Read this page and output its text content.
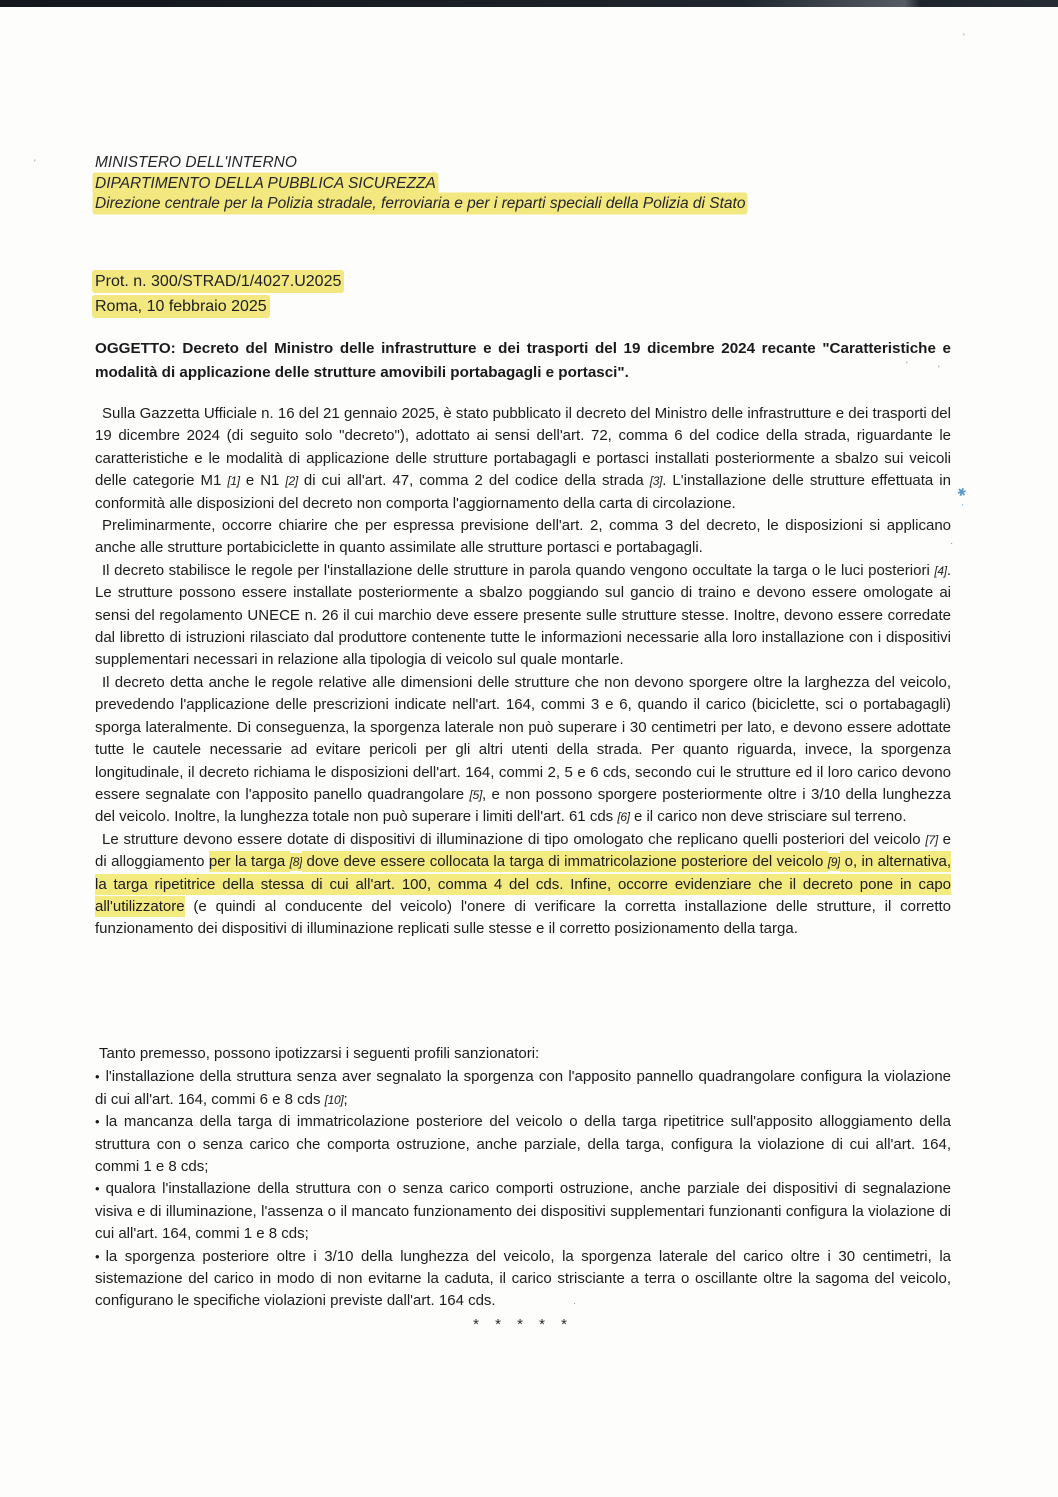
MINISTERO DELL'INTERNO
DIPARTIMENTO DELLA PUBBLICA SICUREZZA
Direzione centrale per la Polizia stradale, ferroviaria e per i reparti speciali della Polizia di Stato
Prot. n. 300/STRAD/1/4027.U2025
Roma, 10 febbraio 2025
OGGETTO: Decreto del Ministro delle infrastrutture e dei trasporti del 19 dicembre 2024 recante "Caratteristiche e modalità di applicazione delle strutture amovibili portabagagli e portasci".

Sulla Gazzetta Ufficiale n. 16 del 21 gennaio 2025, è stato pubblicato il decreto del Ministro delle infrastrutture e dei trasporti del 19 dicembre 2024 (di seguito solo "decreto"), adottato ai sensi dell'art. 72, comma 6 del codice della strada, riguardante le caratteristiche e le modalità di applicazione delle strutture portabagagli e portasci installati posteriormente a sbalzo sui veicoli delle categorie M1 [1] e N1 [2] di cui all'art. 47, comma 2 del codice della strada [3]. L'installazione delle strutture effettuata in conformità alle disposizioni del decreto non comporta l'aggiornamento della carta di circolazione.

Preliminarmente, occorre chiarire che per espressa previsione dell'art. 2, comma 3 del decreto, le disposizioni si applicano anche alle strutture portabiciclette in quanto assimilate alle strutture portasci e portabagagli.

Il decreto stabilisce le regole per l'installazione delle strutture in parola quando vengono occultate la targa o le luci posteriori [4]. Le strutture possono essere installate posteriormente a sbalzo poggiando sul gancio di traino e devono essere omologate ai sensi del regolamento UNECE n. 26 il cui marchio deve essere presente sulle strutture stesse. Inoltre, devono essere corredate dal libretto di istruzioni rilasciato dal produttore contenente tutte le informazioni necessarie alla loro installazione con i dispositivi supplementari necessari in relazione alla tipologia di veicolo sul quale montarle.

Il decreto detta anche le regole relative alle dimensioni delle strutture che non devono sporgere oltre la larghezza del veicolo, prevedendo l'applicazione delle prescrizioni indicate nell'art. 164, commi 3 e 6, quando il carico (biciclette, sci o portabagagli) sporga lateralmente. Di conseguenza, la sporgenza laterale non può superare i 30 centimetri per lato, e devono essere adottate tutte le cautele necessarie ad evitare pericoli per gli altri utenti della strada. Per quanto riguarda, invece, la sporgenza longitudinale, il decreto richiama le disposizioni dell'art. 164, commi 2, 5 e 6 cds, secondo cui le strutture ed il loro carico devono essere segnalate con l'apposito panello quadrangolare [5], e non possono sporgere posteriormente oltre i 3/10 della lunghezza del veicolo. Inoltre, la lunghezza totale non può superare i limiti dell'art. 61 cds [6] e il carico non deve strisciare sul terreno.

Le strutture devono essere dotate di dispositivi di illuminazione di tipo omologato che replicano quelli posteriori del veicolo [7] e di alloggiamento per la targa [8] dove deve essere collocata la targa di immatricolazione posteriore del veicolo [9] o, in alternativa, la targa ripetitrice della stessa di cui all'art. 100, comma 4 del cds. Infine, occorre evidenziare che il decreto pone in capo all'utilizzatore (e quindi al conducente del veicolo) l'onere di verificare la corretta installazione delle strutture, il corretto funzionamento dei dispositivi di illuminazione replicati sulle stesse e il corretto posizionamento della targa.

Tanto premesso, possono ipotizzarsi i seguenti profili sanzionatori:

• l'installazione della struttura senza aver segnalato la sporgenza con l'apposito pannello quadrangolare configura la violazione di cui all'art. 164, commi 6 e 8 cds [10];

• la mancanza della targa di immatricolazione posteriore del veicolo o della targa ripetitrice sull'apposito alloggiamento della struttura con o senza carico che comporta ostruzione, anche parziale, della targa, configura la violazione di cui all'art. 164, commi 1 e 8 cds;

• qualora l'installazione della struttura con o senza carico comporti ostruzione, anche parziale dei dispositivi di segnalazione visiva e di illuminazione, l'assenza o il mancato funzionamento dei dispositivi supplementari funzionanti configura la violazione di cui all'art. 164, commi 1 e 8 cds;

• la sporgenza posteriore oltre i 3/10 della lunghezza del veicolo, la sporgenza laterale del carico oltre i 30 centimetri, la sistemazione del carico in modo di non evitarne la caduta, il carico strisciante a terra o oscillante oltre la sagoma del veicolo, configurano le specifiche violazioni previste dall'art. 164 cds.

* * * * *
✱
'
·
'
'
'	'
·
